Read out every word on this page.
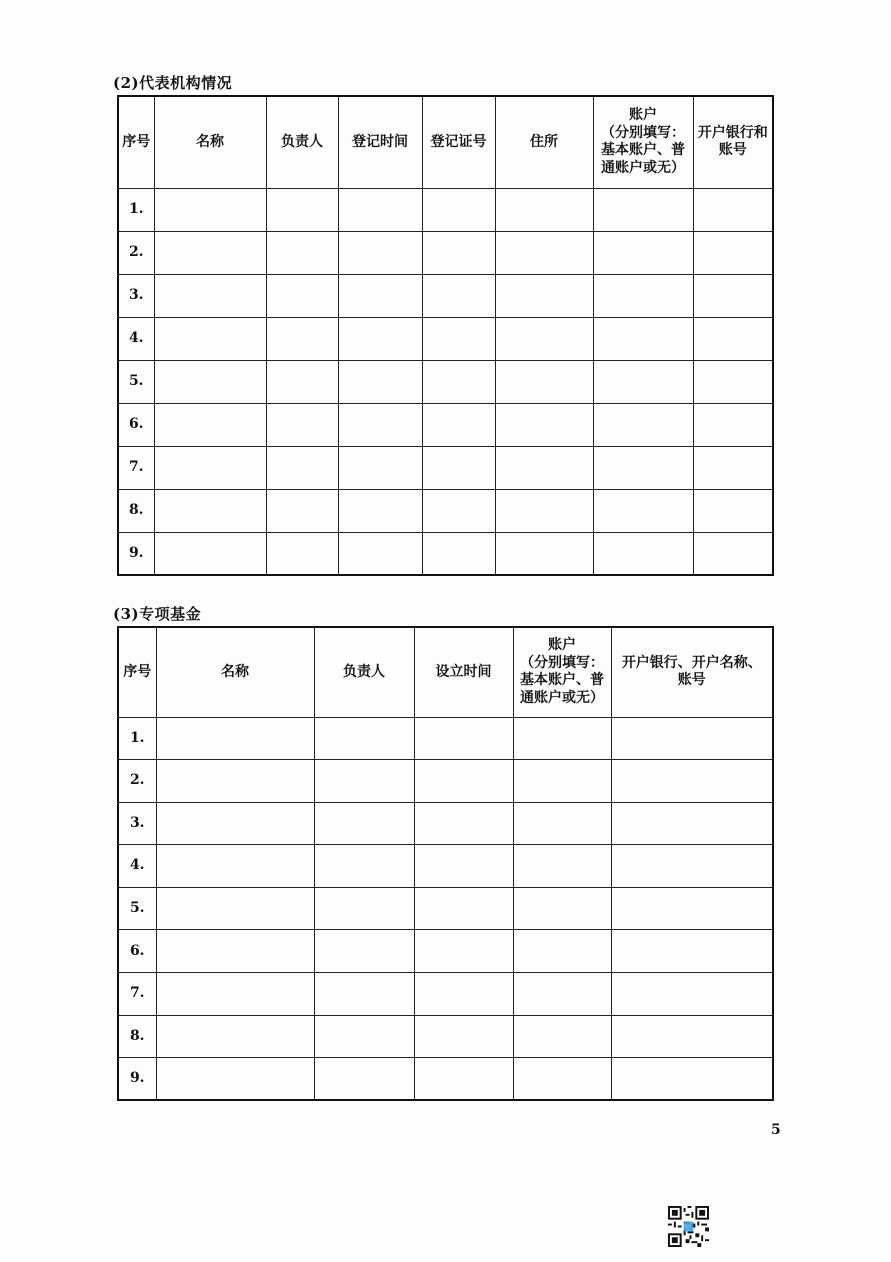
(2)代表机构情况
序号	名称	负责人	登记时间	登记证号	住所	账户
（分别填写：
基本账户、普
通账户或无）	开户银行和
账号
1.							
2.							
3.							
4.							
5.							
6.							
7.							
8.							
9.							
(3)专项基金
序号	名称	负责人	设立时间	账户
（分别填写：
基本账户、普
通账户或无）	开户银行、开户名称、
账号
1.					
2.					
3.					
4.					
5.					
6.					
7.					
8.					
9.					
5
